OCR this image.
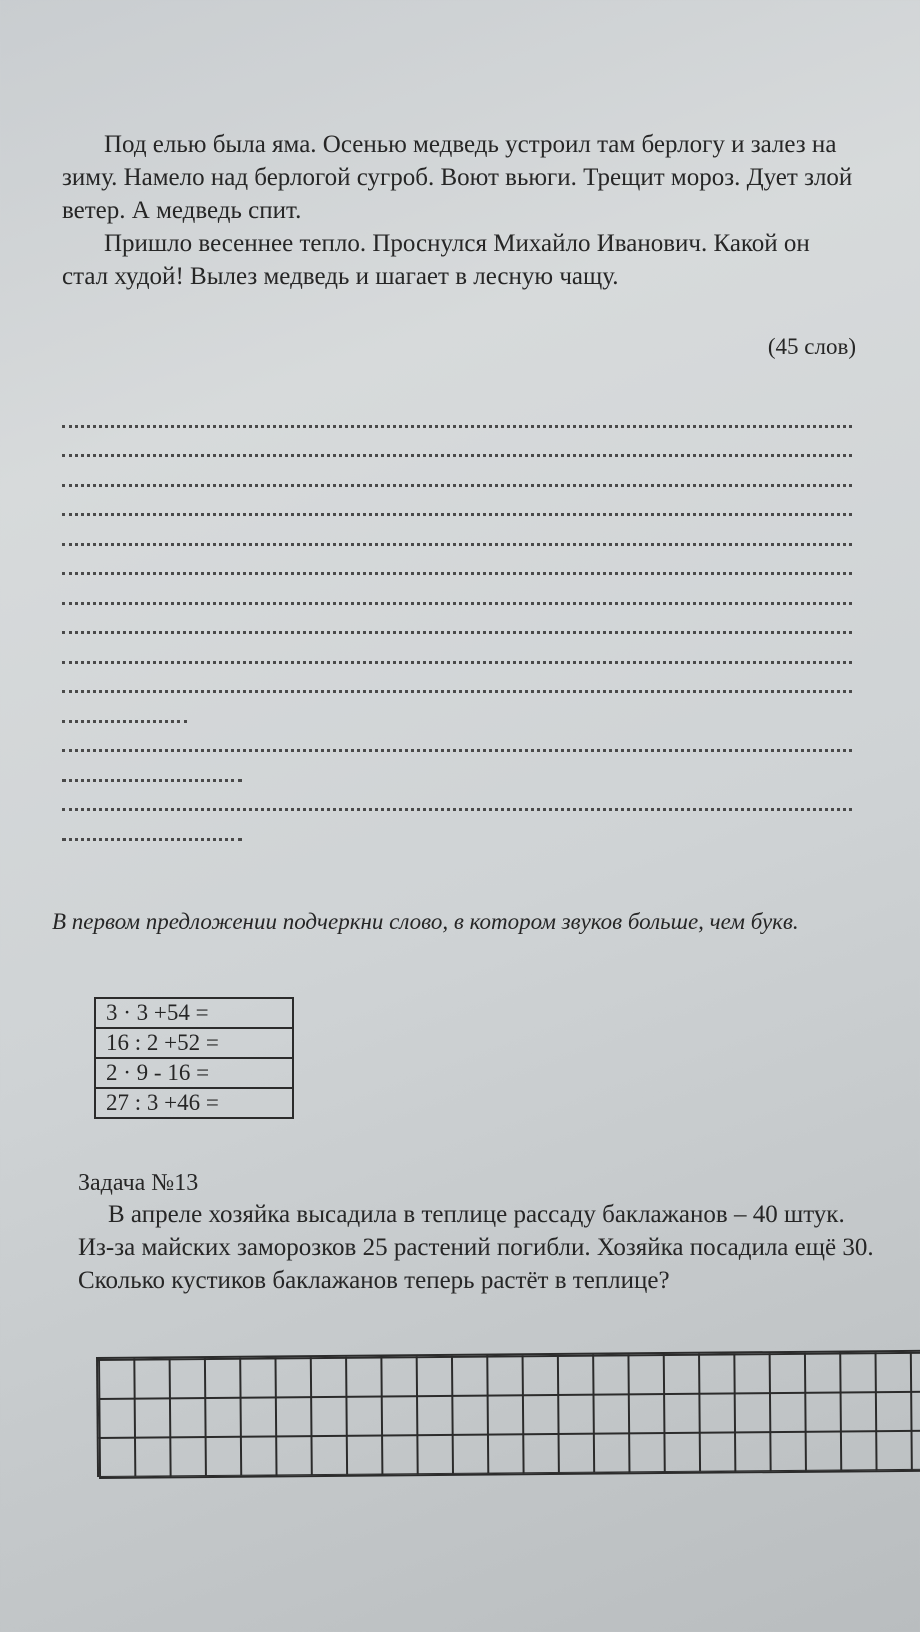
Под елью была яма. Осенью медведь устроил там берлогу и залез на зиму. Намело над берлогой сугроб. Воют вьюги. Трещит мороз. Дует злой ветер. А медведь спит.

Пришло весеннее тепло. Проснулся Михайло Иванович. Какой он стал худой! Вылез медведь и шагает в лесную чащу.

(45 слов)
В первом предложении подчеркни слово, в котором звуков больше, чем букв.
3 · 3 +54 =
16 : 2 +52 =
2 · 9 - 16 =
27 : 3 +46 =
Задача №13
В апреле хозяйка высадила в теплице рассаду баклажанов – 40 штук. Из-за майских заморозков 25 растений погибли. Хозяйка посадила ещё 30. Сколько кустиков баклажанов теперь растёт в теплице?
